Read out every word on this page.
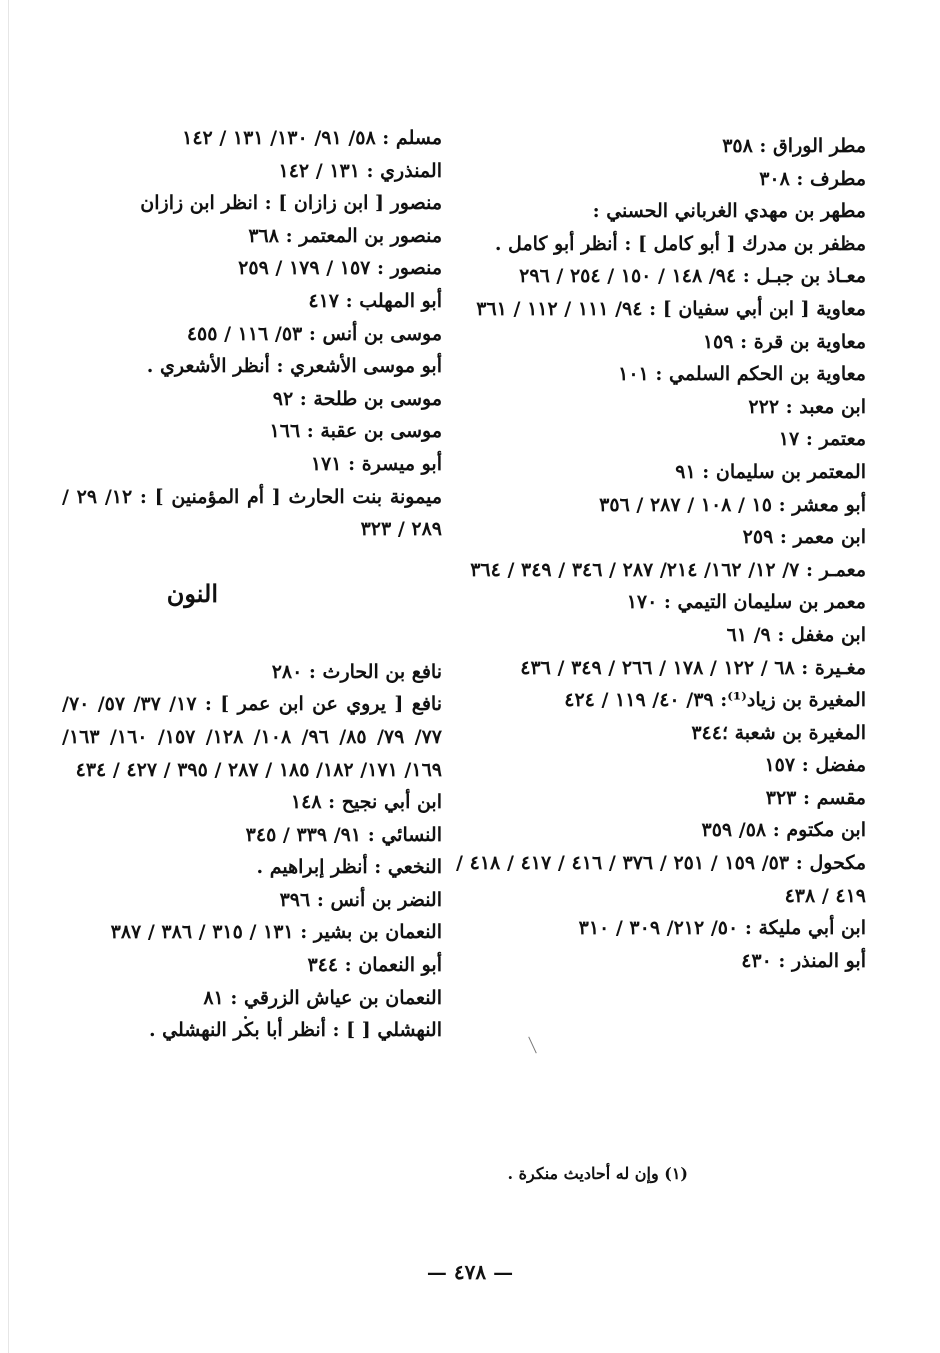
مطر الوراق : ٣٥٨
مطرف : ٣٠٨
مطهر بن مهدي الغرباني الحسني :
مظفر بن مدرك [ أبو كامل ] : أنظر أبو كامل .
معـاذ بن جبـل : ٩٤/ ١٤٨ / ١٥٠ / ٢٥٤ / ٢٩٦
معاوية [ ابن أبي سفيان ] : ٩٤/ ١١١ / ١١٢ / ٣٦١
معاوية بن قرة : ١٥٩
معاوية بن الحكم السلمي : ١٠١
ابن معبد : ٢٢٢
معتمر : ١٧
المعتمر بن سليمان : ٩١
أبو معشر : ١٥ / ١٠٨ / ٢٨٧ / ٣٥٦
ابن معمر : ٢٥٩
معمـر : ٧/ ١٢/ ١٦٢/ ٢١٤/ ٢٨٧ / ٣٤٦ / ٣٤٩ / ٣٦٤
معمر بن سليمان التيمي : ١٧٠
ابن مغفل : ٩/ ٦١
مغـيرة : ٦٨ / ١٢٢ / ١٧٨ / ٢٦٦ / ٣٤٩ / ٤٣٦
المغيرة بن زياد⁽¹⁾: ٣٩/ ٤٠/ ١١٩ / ٤٢٤
المغيرة بن شعبة ؛٣٤٤
مفضل : ١٥٧
مقسم : ٣٢٣
ابن مكتوم : ٥٨/ ٣٥٩
مكحول : ٥٣/ ١٥٩ / ٢٥١ / ٣٧٦ / ٤١٦ / ٤١٧ / ٤١٨ / ٤١٩ / ٤٣٨
ابن أبي مليكة : ٥٠/ ٢١٢/ ٣٠٩ / ٣١٠
أبو المنذر : ٤٣٠
مسلم : ٥٨/ ٩١/ ١٣٠/ ١٣١ / ١٤٢
المنذري : ١٣١ / ١٤٢
منصور [ ابن زازان ] : انظر ابن زازان
منصور بن المعتمر : ٣٦٨
منصور : ١٥٧ / ١٧٩ / ٢٥٩
أبو المهلب : ٤١٧
موسى بن أنس : ٥٣/ ١١٦ / ٤٥٥
أبو موسى الأشعري : أنظر الأشعري .
موسى بن طلحة : ٩٢
موسى بن عقبة : ١٦٦
أبو ميسرة : ١٧١
ميمونة بنت الحارث [ أم المؤمنين ] : ١٢/ ٢٩ / ٢٨٩ / ٣٢٣
النون
نافع بن الحارث : ٢٨٠
نافع [ يروي عن ابن عمر ] : ١٧/ ٣٧/ ٥٧/ ٧٠/ ٧٧/ ٧٩/ ٨٥/ ٩٦/ ١٠٨/ ١٢٨/ ١٥٧/ ١٦٠/ ١٦٣/ ١٦٩/ ١٧١/ ١٨٢/ ١٨٥ / ٢٨٧ / ٣٩٥ / ٤٢٧ / ٤٣٤
ابن أبي نجيح : ١٤٨
النسائي : ٩١/ ٣٣٩ / ٣٤٥
النخعي : أنظر إبراهيم .
النضر بن أنس : ٣٩٦
النعمان بن بشير : ١٣١ / ٣١٥ / ٣٨٦ / ٣٨٧
أبو النعمان : ٣٤٤
النعمان بن عياش الزرقي : ٨١
النهشلي [ ] : أنظر أبا بكر النهشلي .
(١) وإن له أحاديث منكرة .
— ٤٧٨ —
